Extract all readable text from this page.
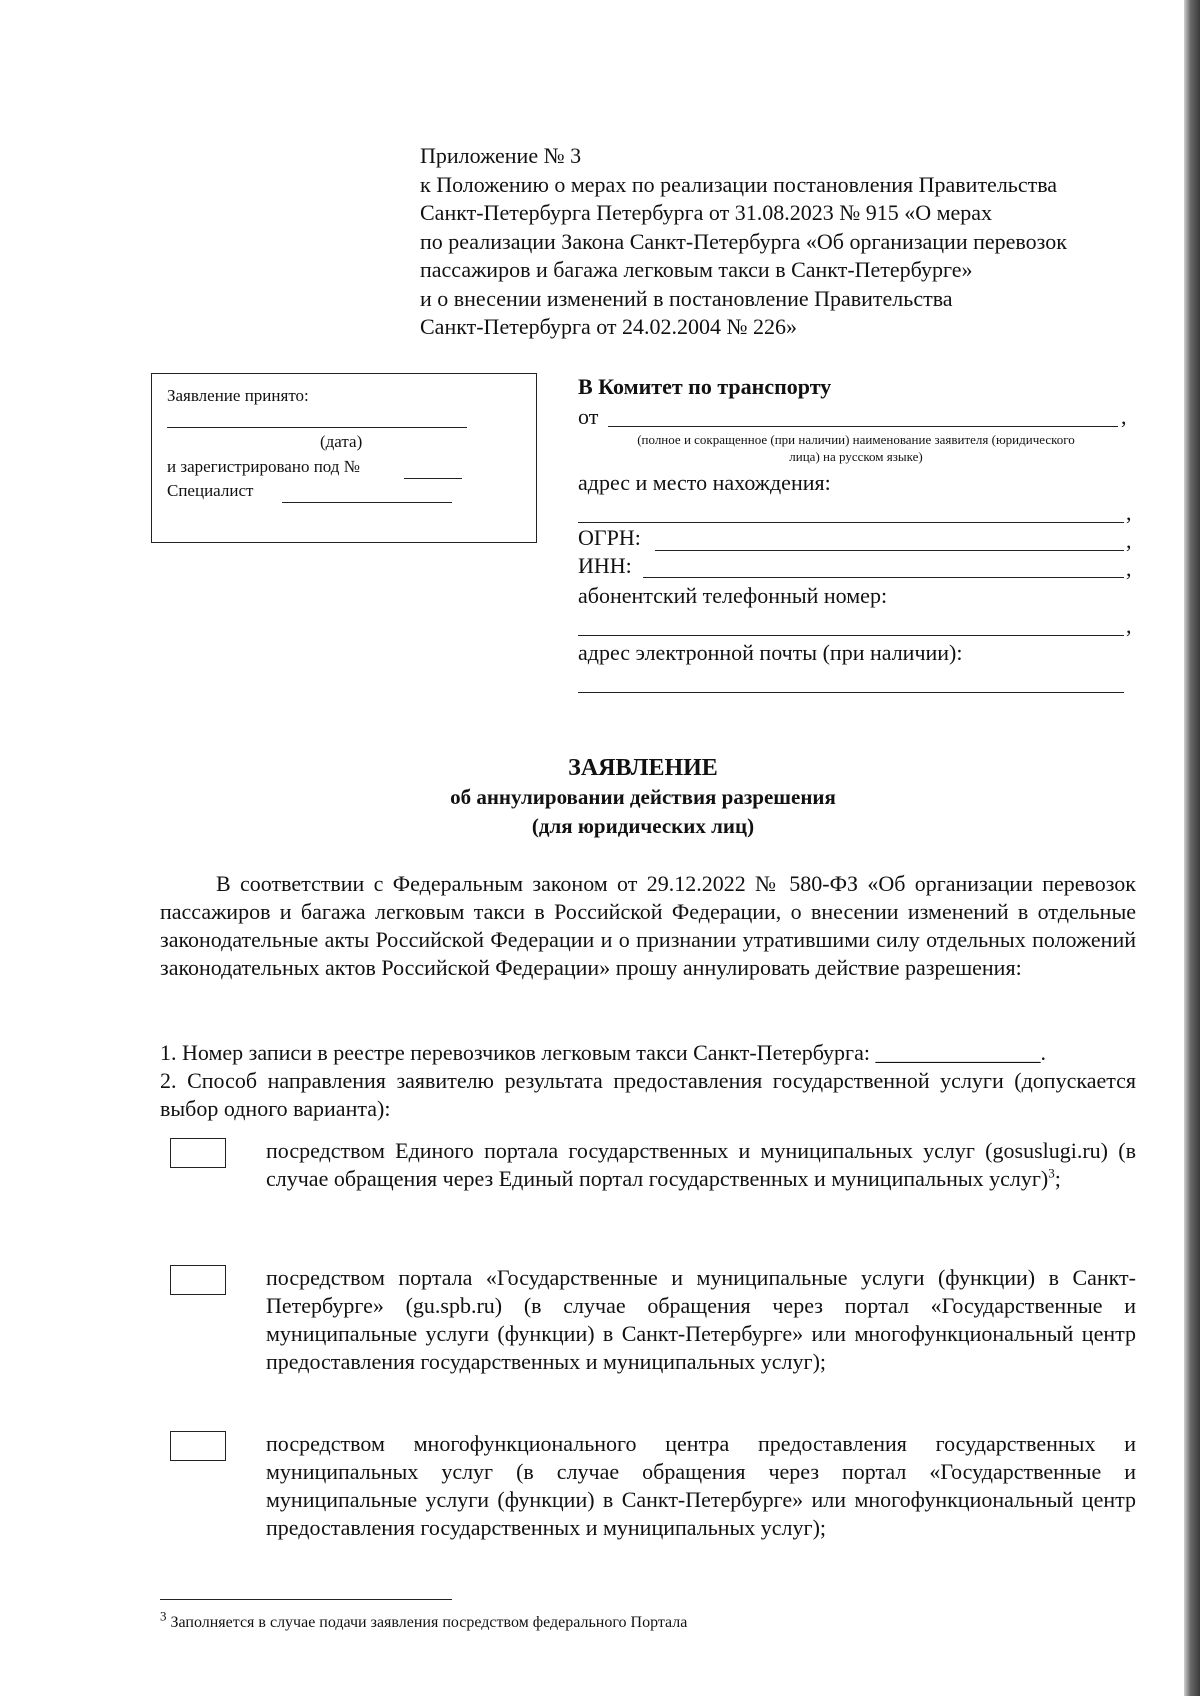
Приложение № 3
к Положению о мерах по реализации постановления Правительства
Санкт-Петербурга Петербурга от 31.08.2023 № 915 «О мерах
по реализации Закона Санкт-Петербурга «Об организации перевозок
пассажиров и багажа легковым такси в Санкт-Петербурге»
и о внесении изменений в постановление Правительства
Санкт-Петербурга от 24.02.2004 № 226»
Заявление принято:
(дата)
и зарегистрировано под №
Специалист
В Комитет по транспорту
от	,
(полное и сокращенное (при наличии) наименование заявителя (юридического
лица) на русском языке)
адрес и место нахождения:
,
ОГРН:	,
ИНН:	,
абонентский телефонный номер:
,
адрес электронной почты (при наличии):
ЗАЯВЛЕНИЕ
об аннулировании действия разрешения
(для юридических лиц)
В соответствии с Федеральным законом от 29.12.2022 № 580-ФЗ «Об организации перевозок пассажиров и багажа легковым такси в Российской Федерации, о внесении изменений в отдельные законодательные акты Российской Федерации и о признании утратившими силу отдельных положений законодательных актов Российской Федерации» прошу аннулировать действие разрешения:
1. Номер записи в реестре перевозчиков легковым такси Санкт-Петербурга: _______________.
2. Способ направления заявителю результата предоставления государственной услуги (допускается выбор одного варианта):
посредством Единого портала государственных и муниципальных услуг (gosuslugi.ru) (в случае обращения через Единый портал государственных и муниципальных услуг)$^3$;
посредством портала «Государственные и муниципальные услуги (функции) в Санкт-Петербурге» (gu.spb.ru) (в случае обращения через портал «Государственные и муниципальные услуги (функции) в Санкт-Петербурге» или многофункциональный центр предоставления государственных и муниципальных услуг);
посредством многофункционального центра предоставления государственных и муниципальных услуг (в случае обращения через портал «Государственные и муниципальные услуги (функции) в Санкт-Петербурге» или многофункциональный центр предоставления государственных и муниципальных услуг);
$^3$ Заполняется в случае подачи заявления посредством федерального Портала
